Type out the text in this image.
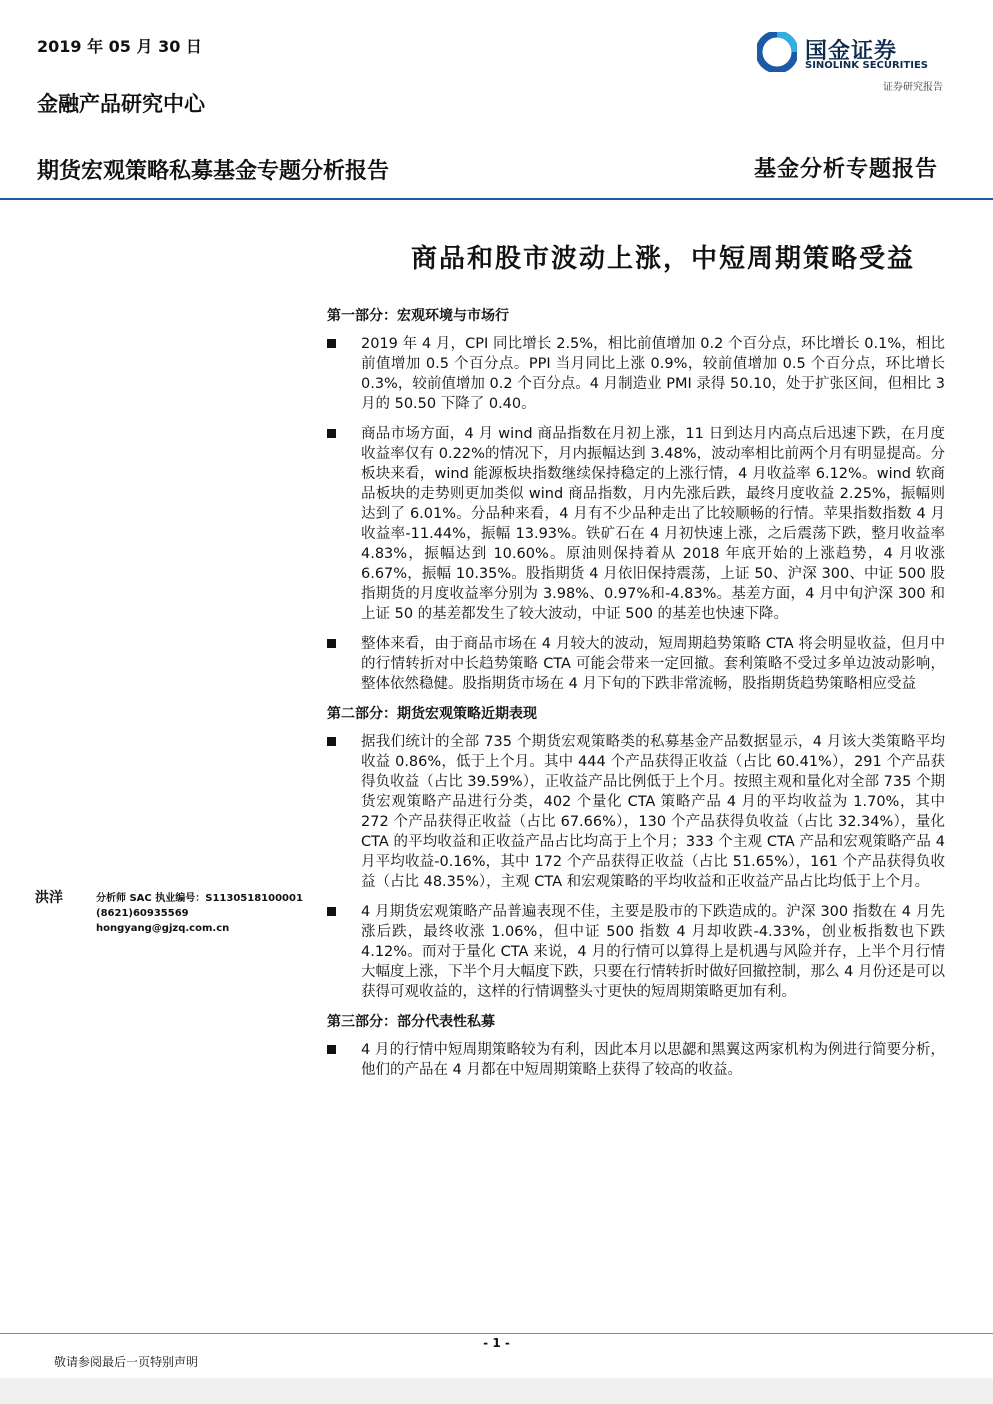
2019 年 05 月 30 日
金融产品研究中心
国金证券
SINOLINK SECURITIES
证券研究报告
期货宏观策略私募基金专题分析报告	基金分析专题报告
商品和股市波动上涨，中短周期策略受益
洪洋	分析师 SAC 执业编号：S1130518100001
(8621)60935569
hongyang@gjzq.com.cn
第一部分：宏观环境与市场行
2019 年 4 月，CPI 同比增长 2.5%，相比前值增加 0.2 个百分点，环比增长 0.1%，相比前值增加 0.5 个百分点。PPI 当月同比上涨 0.9%，较前值增加 0.5 个百分点，环比增长 0.3%，较前值增加 0.2 个百分点。4 月制造业 PMI 录得 50.10，处于扩张区间，但相比 3 月的 50.50 下降了 0.40。
商品市场方面，4 月 wind 商品指数在月初上涨，11 日到达月内高点后迅速下跌，在月度收益率仅有 0.22%的情况下，月内振幅达到 3.48%，波动率相比前两个月有明显提高。分板块来看，wind 能源板块指数继续保持稳定的上涨行情，4 月收益率 6.12%。wind 软商品板块的走势则更加类似 wind 商品指数，月内先涨后跌，最终月度收益 2.25%，振幅则达到了 6.01%。分品种来看，4 月有不少品种走出了比较顺畅的行情。苹果指数指数 4 月收益率-11.44%，振幅 13.93%。铁矿石在 4 月初快速上涨，之后震荡下跌，整月收益率 4.83%，振幅达到 10.60%。原油则保持着从 2018 年底开始的上涨趋势，4 月收涨 6.67%，振幅 10.35%。股指期货 4 月依旧保持震荡，上证 50、沪深 300、中证 500 股指期货的月度收益率分别为 3.98%、0.97%和-4.83%。基差方面，4 月中旬沪深 300 和上证 50 的基差都发生了较大波动，中证 500 的基差也快速下降。
整体来看，由于商品市场在 4 月较大的波动，短周期趋势策略 CTA 将会明显收益，但月中的行情转折对中长趋势策略 CTA 可能会带来一定回撤。套利策略不受过多单边波动影响，整体依然稳健。股指期货市场在 4 月下旬的下跌非常流畅，股指期货趋势策略相应受益
第二部分：期货宏观策略近期表现
据我们统计的全部 735 个期货宏观策略类的私募基金产品数据显示，4 月该大类策略平均收益 0.86%，低于上个月。其中 444 个产品获得正收益（占比 60.41%），291 个产品获得负收益（占比 39.59%），正收益产品比例低于上个月。按照主观和量化对全部 735 个期货宏观策略产品进行分类，402 个量化 CTA 策略产品 4 月的平均收益为 1.70%，其中 272 个产品获得正收益（占比 67.66%），130 个产品获得负收益（占比 32.34%），量化 CTA 的平均收益和正收益产品占比均高于上个月；333 个主观 CTA 产品和宏观策略产品 4 月平均收益-0.16%，其中 172 个产品获得正收益（占比 51.65%），161 个产品获得负收益（占比 48.35%），主观 CTA 和宏观策略的平均收益和正收益产品占比均低于上个月。
4 月期货宏观策略产品普遍表现不佳，主要是股市的下跌造成的。沪深 300 指数在 4 月先涨后跌，最终收涨 1.06%，但中证 500 指数 4 月却收跌-4.33%，创业板指数也下跌 4.12%。而对于量化 CTA 来说，4 月的行情可以算得上是机遇与风险并存，上半个月行情大幅度上涨，下半个月大幅度下跌，只要在行情转折时做好回撤控制，那么 4 月份还是可以获得可观收益的，这样的行情调整头寸更快的短周期策略更加有利。
第三部分：部分代表性私募
4 月的行情中短周期策略较为有利，因此本月以思勰和黑翼这两家机构为例进行简要分析，他们的产品在 4 月都在中短周期策略上获得了较高的收益。
- 1 -
敬请参阅最后一页特别声明
